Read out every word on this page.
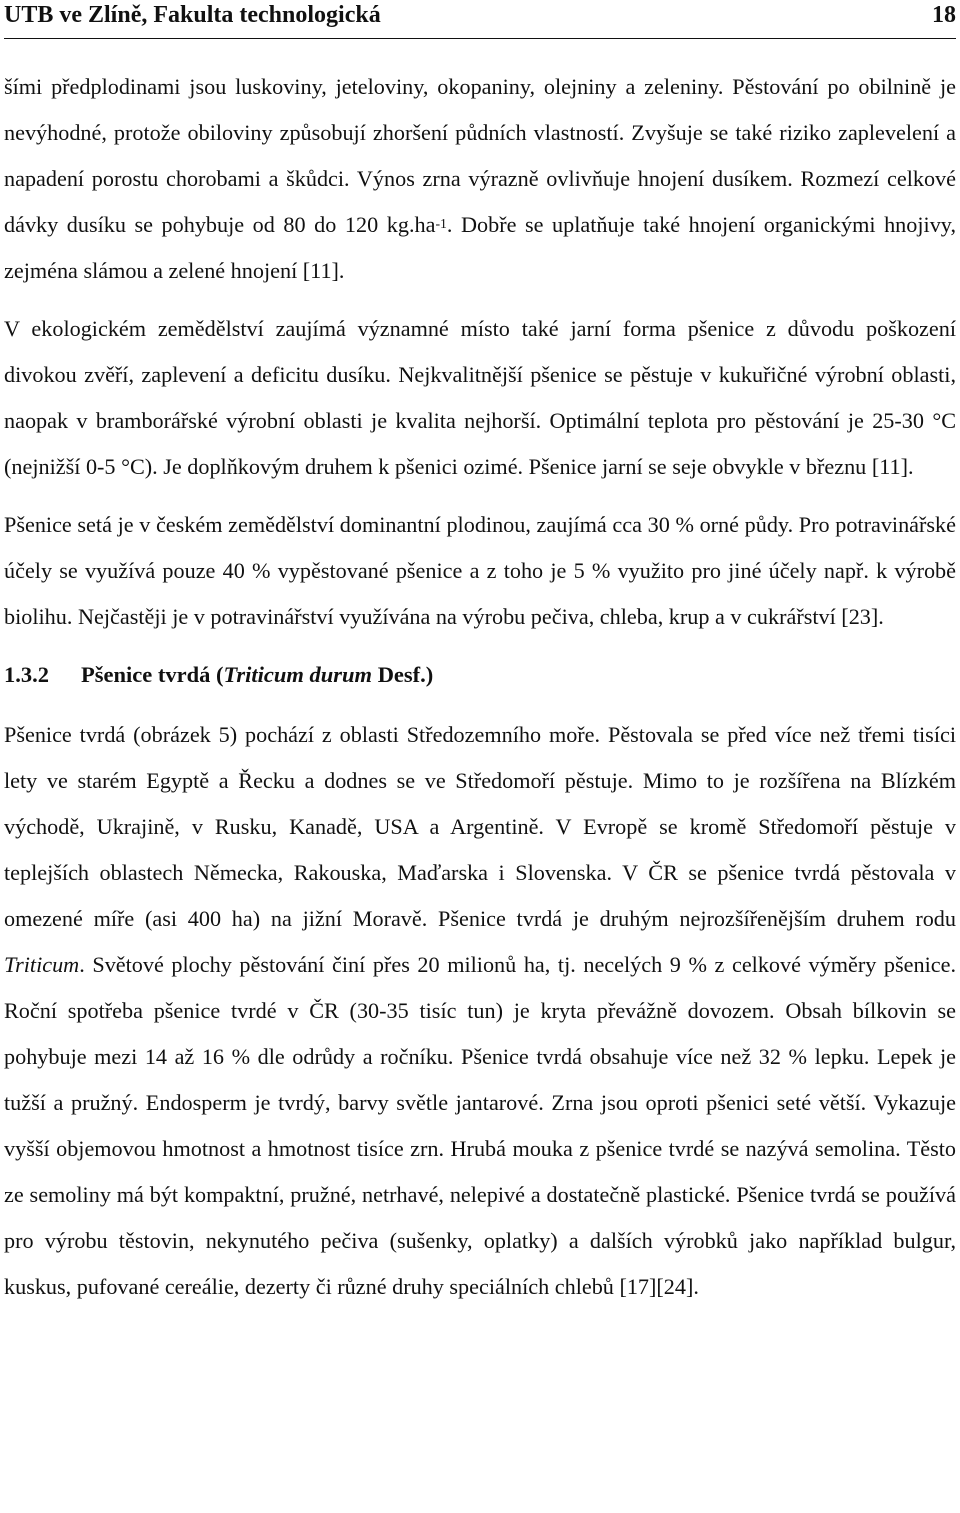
UTB ve Zlíně, Fakulta technologická	18

šími předplodinami jsou luskoviny, jeteloviny, okopaniny, olejniny a zeleniny. Pěstování po obilnině je nevýhodné, protože obiloviny způsobují zhoršení půdních vlastností. Zvyšuje se také riziko zaplevelení a napadení porostu chorobami a škůdci. Výnos zrna výrazně ovlivňuje hnojení dusíkem. Rozmezí celkové dávky dusíku se pohybuje od 80 do 120 $kg.ha^{-1}$. Dobře se uplatňuje také hnojení organickými hnojivy, zejména slámou a zelené hnojení [11].

V ekologickém zemědělství zaujímá významné místo také jarní forma pšenice z důvodu poškození divokou zvěří, zaplevení a deficitu dusíku. Nejkvalitnější pšenice se pěstuje v kukuřičné výrobní oblasti, naopak v bramborářské výrobní oblasti je kvalita nejhorší. Optimální teplota pro pěstování je 25-30 °C (nejnižší 0-5 °C). Je doplňkovým druhem k pšenici ozimé. Pšenice jarní se seje obvykle v březnu [11].

Pšenice setá je v českém zemědělství dominantní plodinou, zaujímá cca 30 % orné půdy. Pro potravinářské účely se využívá pouze 40 % vypěstované pšenice a z toho je 5 % využito pro jiné účely např. k výrobě biolihu. Nejčastěji je v potravinářství využívána na výrobu pečiva, chleba, krup a v cukrářství [23].

1.3.2 Pšenice tvrdá (Triticum durum Desf.)

Pšenice tvrdá (obrázek 5) pochází z oblasti Středozemního moře. Pěstovala se před více než třemi tisíci lety ve starém Egyptě a Řecku a dodnes se ve Středomoří pěstuje. Mimo to je rozšířena na Blízkém východě, Ukrajině, v Rusku, Kanadě, USA a Argentině. V Evropě se kromě Středomoří pěstuje v teplejších oblastech Německa, Rakouska, Maďarska i Slovenska. V ČR se pšenice tvrdá pěstovala v omezené míře (asi 400 ha) na jižní Moravě. Pšenice tvrdá je druhým nejrozšířenějším druhem rodu Triticum. Světové plochy pěstování činí přes 20 milionů ha, tj. necelých 9 % z celkové výměry pšenice. Roční spotřeba pšenice tvrdé v ČR (30-35 tisíc tun) je kryta převážně dovozem. Obsah bílkovin se pohybuje mezi 14 až 16 % dle odrůdy a ročníku. Pšenice tvrdá obsahuje více než 32 % lepku. Lepek je tužší a pružný. Endosperm je tvrdý, barvy světle jantarové. Zrna jsou oproti pšenici seté větší. Vykazuje vyšší objemovou hmotnost a hmotnost tisíce zrn. Hrubá mouka z pšenice tvrdé se nazývá semolina. Těsto ze semoliny má být kompaktní, pružné, netrhavé, nelepivé a dostatečně plastické. Pšenice tvrdá se používá pro výrobu těstovin, nekynutého pečiva (sušenky, oplatky) a dalších výrobků jako například bulgur, kuskus, pufované cereálie, dezerty či různé druhy speciálních chlebů [17][24].
